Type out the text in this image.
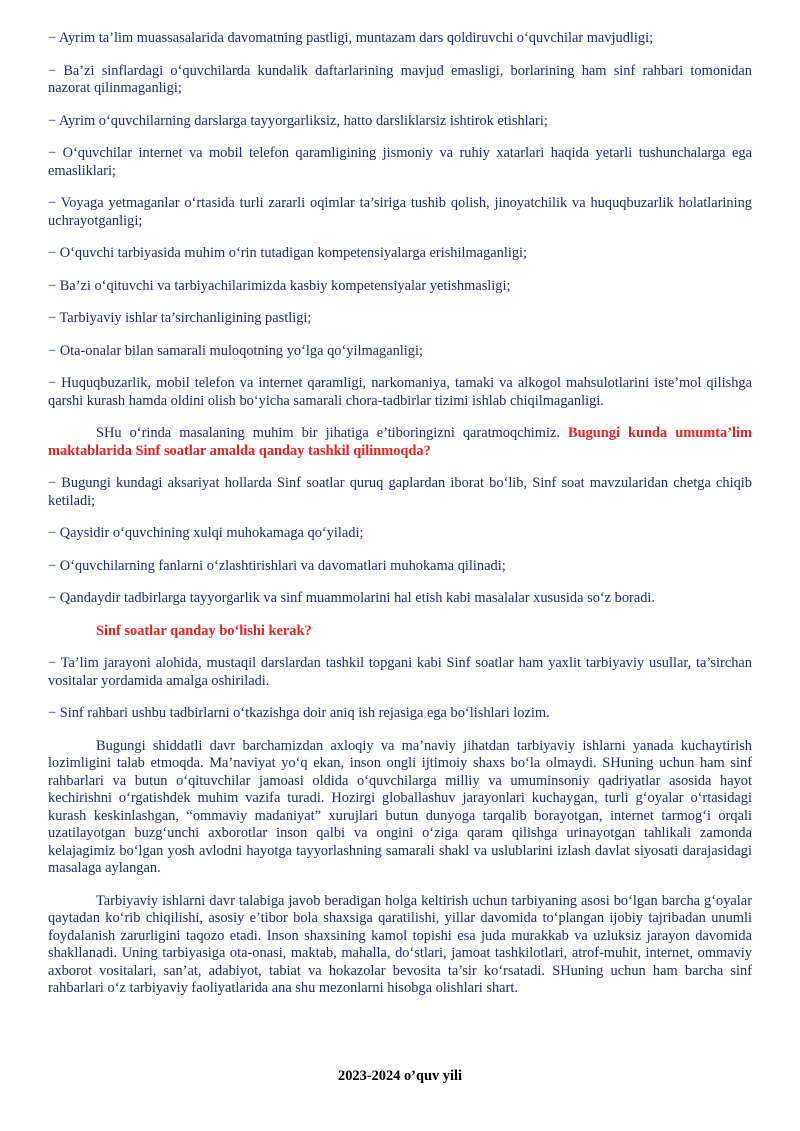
− Ayrim ta’lim muassasalarida davomatning pastligi, muntazam dars qoldiruvchi o‘quvchilar mavjudligi;

− Ba’zi sinflardagi o‘quvchilarda kundalik daftarlarining mavjud emasligi, borlarining ham sinf rahbari tomonidan nazorat qilinmaganligi;

− Ayrim o‘quvchilarning darslarga tayyorgarliksiz, hatto darsliklarsiz ishtirok etishlari;

− O‘quvchilar internet va mobil telefon qaramligining jismoniy va ruhiy xatarlari haqida yetarli tushunchalarga ega emasliklari;

− Voyaga yetmaganlar o‘rtasida turli zararli oqimlar ta’siriga tushib qolish, jinoyatchilik va huquqbuzarlik holatlarining uchrayotganligi;

− O‘quvchi tarbiyasida muhim o‘rin tutadigan kompetensiyalarga erishilmaganligi;

− Ba’zi o‘qituvchi va tarbiyachilarimizda kasbiy kompetensiyalar yetishmasligi;

− Tarbiyaviy ishlar ta’sirchanligining pastligi;

− Ota-onalar bilan samarali muloqotning yo‘lga qo‘yilmaganligi;

− Huquqbuzarlik, mobil telefon va internet qaramligi, narkomaniya, tamaki va alkogol mahsulotlarini iste’mol qilishga qarshi kurash hamda oldini olish bo‘yicha samarali chora-tadbirlar tizimi ishlab chiqilmaganligi.

SHu o‘rinda masalaning muhim bir jihatiga e’tiboringizni qaratmoqchimiz. Bugungi kunda umumta’lim maktablarida Sinf soatlar amalda qanday tashkil qilinmoqda?

− Bugungi kundagi aksariyat hollarda Sinf soatlar quruq gaplardan iborat bo‘lib, Sinf soat mavzularidan chetga chiqib ketiladi;

− Qaysidir o‘quvchining xulqi muhokamaga qo‘yiladi;

− O‘quvchilarning fanlarni o‘zlashtirishlari va davomatlari muhokama qilinadi;

− Qandaydir tadbirlarga tayyorgarlik va sinf muammolarini hal etish kabi masalalar xususida so‘z boradi.

Sinf soatlar qanday bo‘lishi kerak?

− Ta’lim jarayoni alohida, mustaqil darslardan tashkil topgani kabi Sinf soatlar ham yaxlit tarbiyaviy usullar, ta’sirchan vositalar yordamida amalga oshiriladi.

− Sinf rahbari ushbu tadbirlarni o‘tkazishga doir aniq ish rejasiga ega bo‘lishlari lozim.

Bugungi shiddatli davr barchamizdan axloqiy va ma’naviy jihatdan tarbiyaviy ishlarni yanada kuchaytirish lozimligini talab etmoqda. Ma’naviyat yo‘q ekan, inson ongli ijtimoiy shaxs bo‘la olmaydi. SHuning uchun ham sinf rahbarlari va butun o‘qituvchilar jamoasi oldida o‘quvchilarga milliy va umuminsoniy qadriyatlar asosida hayot kechirishni o‘rgatishdek muhim vazifa turadi. Hozirgi globallashuv jarayonlari kuchaygan, turli g‘oyalar o‘rtasidagi kurash keskinlashgan, “ommaviy madaniyat” xurujlari butun dunyoga tarqalib borayotgan, internet tarmog‘i orqali uzatilayotgan buzg‘unchi axborotlar inson qalbi va ongini o‘ziga qaram qilishga urinayotgan tahlikali zamonda kelajagimiz bo‘lgan yosh avlodni hayotga tayyorlashning samarali shakl va uslublarini izlash davlat siyosati darajasidagi masalaga aylangan.

Tarbiyaviy ishlarni davr talabiga javob beradigan holga keltirish uchun tarbiyaning asosi bo‘lgan barcha g‘oyalar qaytadan ko‘rib chiqilishi, asosiy e’tibor bola shaxsiga qaratilishi, yillar davomida to‘plangan ijobiy tajribadan unumli foydalanish zarurligini taqozo etadi. Inson shaxsining kamol topishi esa juda murakkab va uzluksiz jarayon davomida shakllanadi. Uning tarbiyasiga ota-onasi, maktab, mahalla, do‘stlari, jamoat tashkilotlari, atrof-muhit, internet, ommaviy axborot vositalari, san’at, adabiyot, tabiat va hokazolar bevosita ta’sir ko‘rsatadi. SHuning uchun ham barcha sinf rahbarlari o‘z tarbiyaviy faoliyatlarida ana shu mezonlarni hisobga olishlari shart.

2023-2024 o’quv yili
